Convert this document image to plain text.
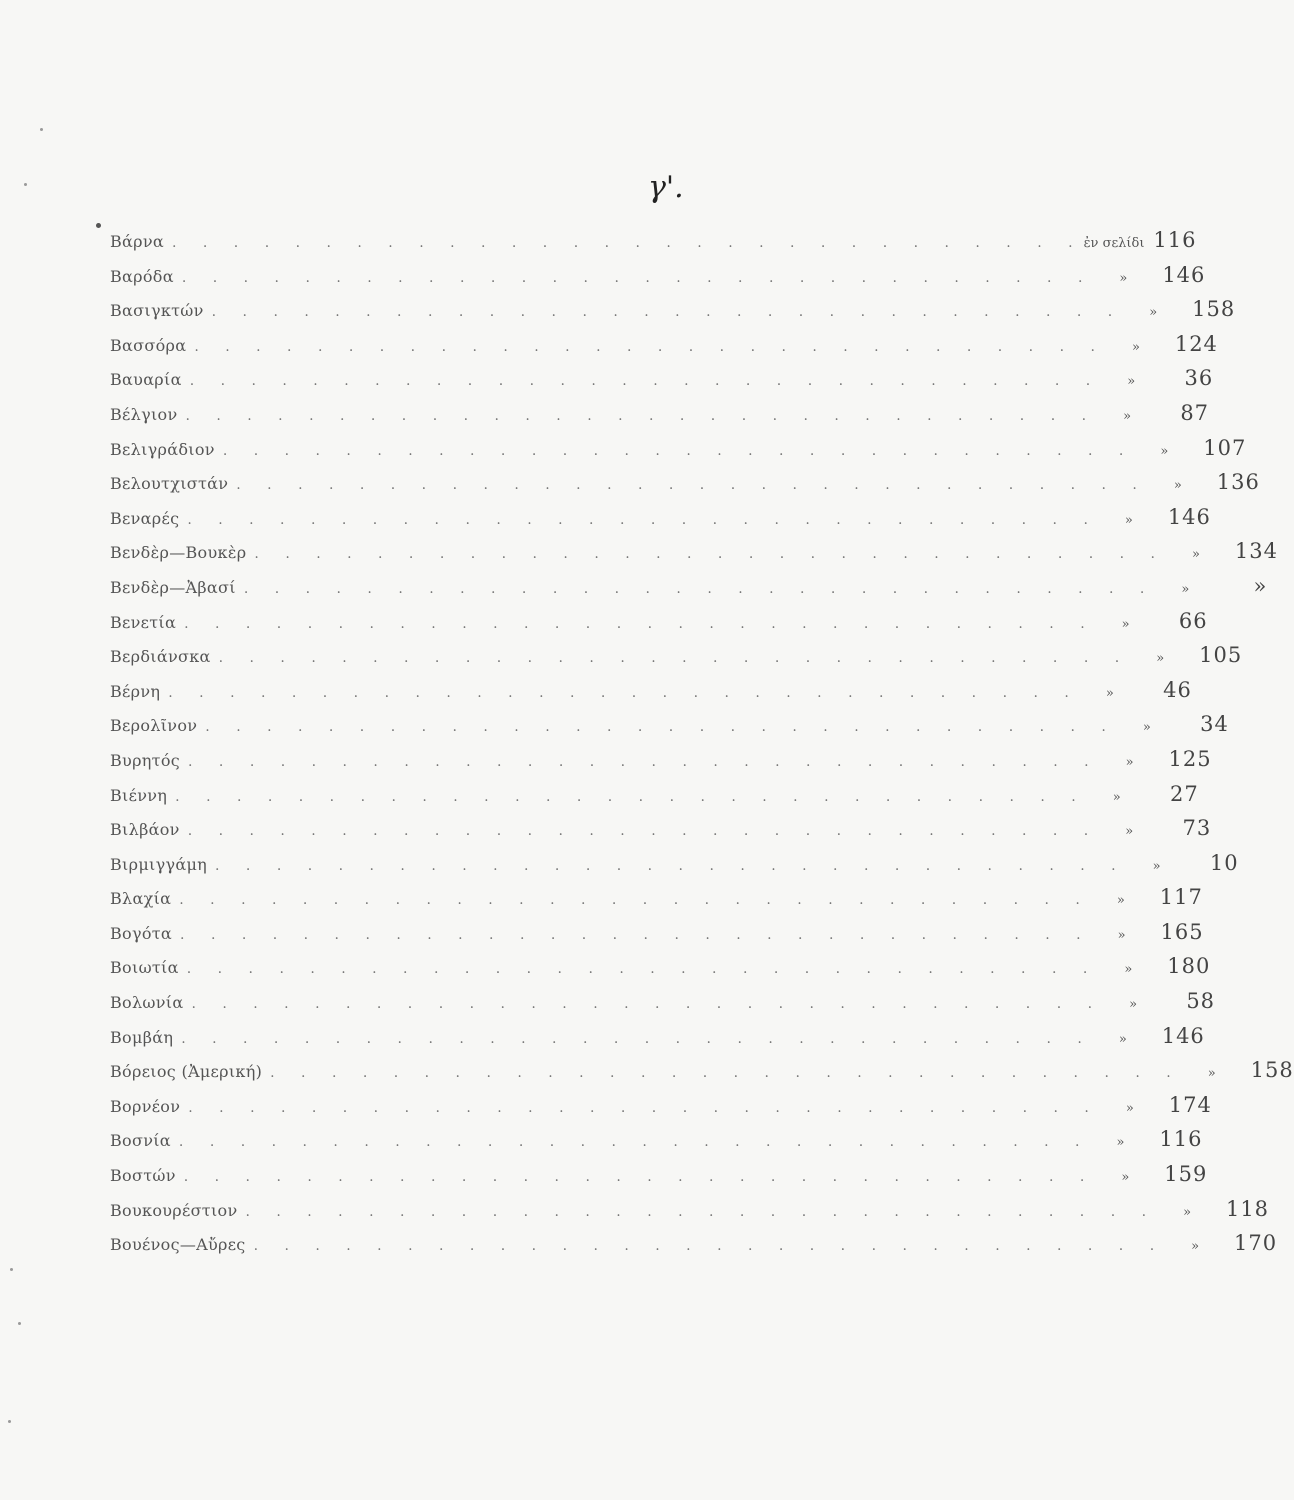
γ'.
Βάρνα . . . . . . . . . . . . . . . . . . . . . . . . . . . . . . ἐν σελίδι 116
Βαρόδα . . . . . . . . . . . . . . . . . . . . . . . . . . . . . .	»	146
Βασιγκτών . . . . . . . . . . . . . . . . . . . . . . . . . . . . . .	»	158
Βασσόρα . . . . . . . . . . . . . . . . . . . . . . . . . . . . . .	»	124
Βαυαρία . . . . . . . . . . . . . . . . . . . . . . . . . . . . . .	»	36
Βέλγιον . . . . . . . . . . . . . . . . . . . . . . . . . . . . . .	»	87
Βελιγράδιον . . . . . . . . . . . . . . . . . . . . . . . . . . . . . .	»	107
Βελουτχιστάν . . . . . . . . . . . . . . . . . . . . . . . . . . . . . .	»	136
Βεναρές . . . . . . . . . . . . . . . . . . . . . . . . . . . . . .	»	146
Βενδὲρ—Βουκὲρ . . . . . . . . . . . . . . . . . . . . . . . . . . . . . .	»	134
Βενδὲρ—Ἀβασί . . . . . . . . . . . . . . . . . . . . . . . . . . . . . .	»	»
Βενετία . . . . . . . . . . . . . . . . . . . . . . . . . . . . . .	»	66
Βερδιάνσκα . . . . . . . . . . . . . . . . . . . . . . . . . . . . . .	»	105
Βέρνη . . . . . . . . . . . . . . . . . . . . . . . . . . . . . .	»	46
Βερολῖνον . . . . . . . . . . . . . . . . . . . . . . . . . . . . . .	»	34
Βυρητός . . . . . . . . . . . . . . . . . . . . . . . . . . . . . .	»	125
Βιέννη . . . . . . . . . . . . . . . . . . . . . . . . . . . . . .	»	27
Βιλβάον . . . . . . . . . . . . . . . . . . . . . . . . . . . . . .	»	73
Βιρμιγγάμη . . . . . . . . . . . . . . . . . . . . . . . . . . . . . .	»	10
Βλαχία . . . . . . . . . . . . . . . . . . . . . . . . . . . . . .	»	117
Βογότα . . . . . . . . . . . . . . . . . . . . . . . . . . . . . .	»	165
Βοιωτία . . . . . . . . . . . . . . . . . . . . . . . . . . . . . .	»	180
Βολωνία . . . . . . . . . . . . . . . . . . . . . . . . . . . . . .	»	58
Βομβάη . . . . . . . . . . . . . . . . . . . . . . . . . . . . . .	»	146
Βόρειος (Ἀμερική) . . . . . . . . . . . . . . . . . . . . . . . . . . . . . .	»	158
Βορνέον . . . . . . . . . . . . . . . . . . . . . . . . . . . . . .	»	174
Βοσνία . . . . . . . . . . . . . . . . . . . . . . . . . . . . . .	»	116
Βοστών . . . . . . . . . . . . . . . . . . . . . . . . . . . . . .	»	159
Βουκουρέστιον . . . . . . . . . . . . . . . . . . . . . . . . . . . . . .	»	118
Βουένος—Αὔρες . . . . . . . . . . . . . . . . . . . . . . . . . . . . . .	»	170
